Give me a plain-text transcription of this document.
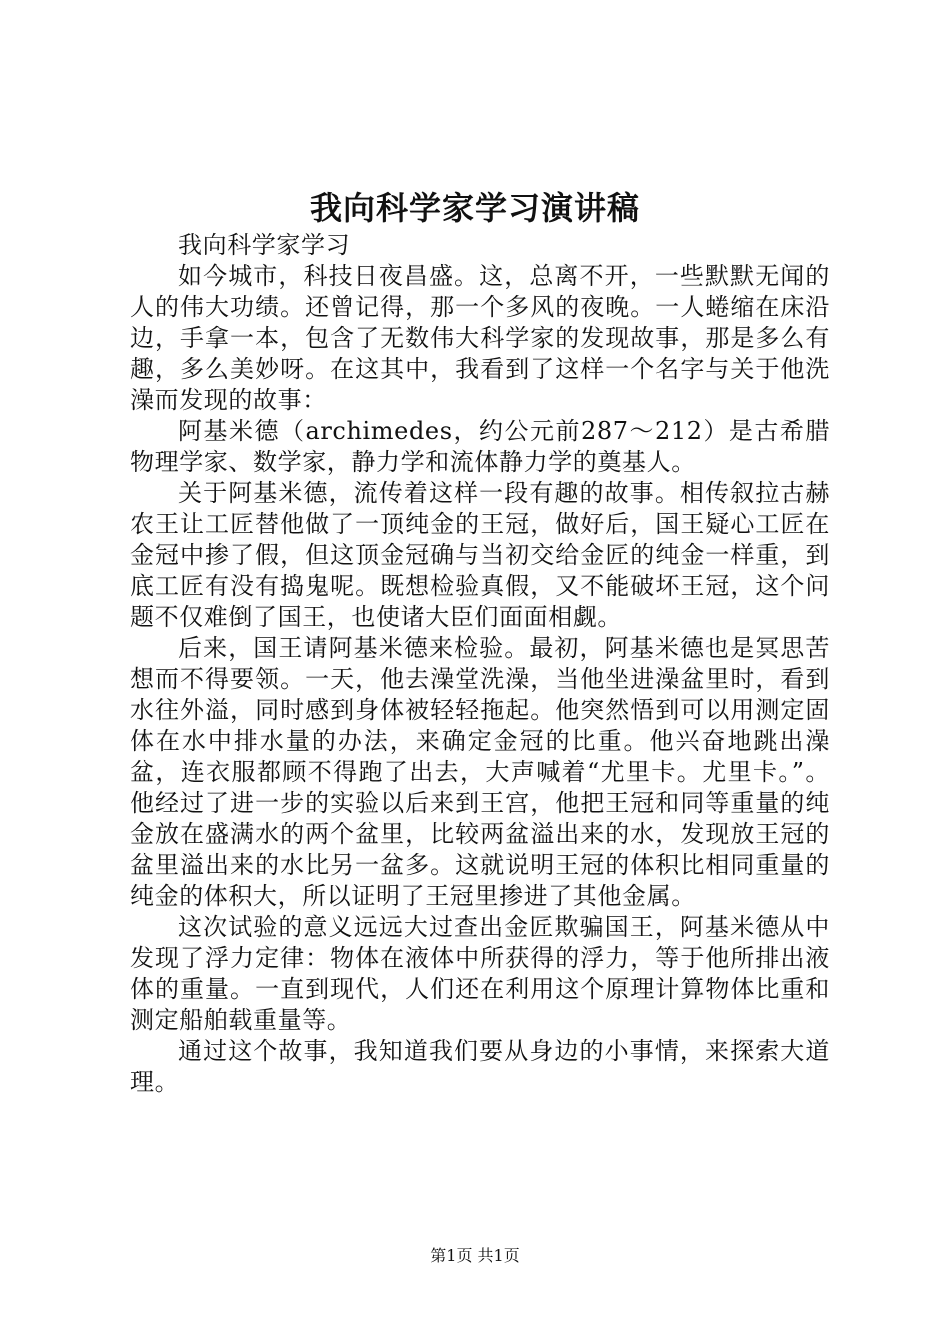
我向科学家学习演讲稿

我向科学家学习

如今城市，科技日夜昌盛。这，总离不开，一些默默无闻的人的伟大功绩。还曾记得，那一个多风的夜晚。一人蜷缩在床沿边，手拿一本，包含了无数伟大科学家的发现故事，那是多么有趣，多么美妙呀。在这其中，我看到了这样一个名字与关于他洗澡而发现的故事：

阿基米德（archimedes，约公元前287～212）是古希腊物理学家、数学家，静力学和流体静力学的奠基人。

关于阿基米德，流传着这样一段有趣的故事。相传叙拉古赫农王让工匠替他做了一顶纯金的王冠，做好后，国王疑心工匠在金冠中掺了假，但这顶金冠确与当初交给金匠的纯金一样重，到底工匠有没有捣鬼呢。既想检验真假，又不能破坏王冠，这个问题不仅难倒了国王，也使诸大臣们面面相觑。

后来，国王请阿基米德来检验。最初，阿基米德也是冥思苦想而不得要领。一天，他去澡堂洗澡，当他坐进澡盆里时，看到水往外溢，同时感到身体被轻轻拖起。他突然悟到可以用测定固体在水中排水量的办法，来确定金冠的比重。他兴奋地跳出澡盆，连衣服都顾不得跑了出去，大声喊着“尤里卡。尤里卡。”。他经过了进一步的实验以后来到王宫，他把王冠和同等重量的纯金放在盛满水的两个盆里，比较两盆溢出来的水，发现放王冠的盆里溢出来的水比另一盆多。这就说明王冠的体积比相同重量的纯金的体积大，所以证明了王冠里掺进了其他金属。

这次试验的意义远远大过查出金匠欺骗国王，阿基米德从中发现了浮力定律：物体在液体中所获得的浮力，等于他所排出液体的重量。一直到现代，人们还在利用这个原理计算物体比重和测定船舶载重量等。

通过这个故事，我知道我们要从身边的小事情，来探索大道理。

第1页 共1页
